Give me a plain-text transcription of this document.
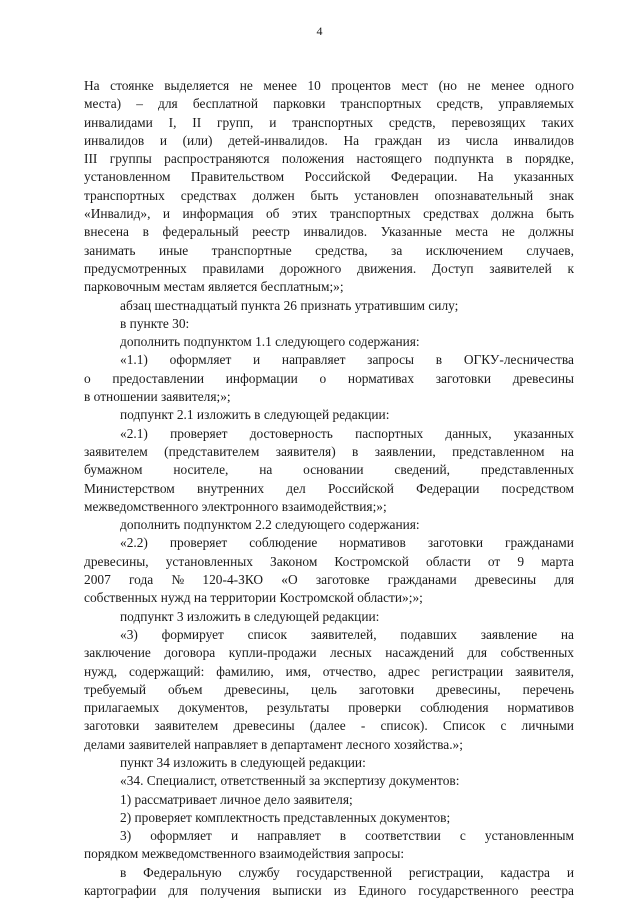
4
На стоянке выделяется не менее 10 процентов мест (но не менее одного
места) – для бесплатной парковки транспортных средств, управляемых
инвалидами I, II групп, и транспортных средств, перевозящих таких
инвалидов и (или) детей-инвалидов. На граждан из числа инвалидов
III группы распространяются положения настоящего подпункта в порядке,
установленном Правительством Российской Федерации. На указанных
транспортных средствах должен быть установлен опознавательный знак
«Инвалид», и информация об этих транспортных средствах должна быть
внесена в федеральный реестр инвалидов. Указанные места не должны
занимать иные транспортные средства, за исключением случаев,
предусмотренных правилами дорожного движения. Доступ заявителей к
парковочным местам является бесплатным;»;
абзац шестнадцатый пункта 26 признать утратившим силу;
в пункте 30:
дополнить подпунктом 1.1 следующего содержания:
«1.1) оформляет и направляет запросы в ОГКУ-лесничества
о предоставлении информации о нормативах заготовки древесины
в отношении заявителя;»;
подпункт 2.1 изложить в следующей редакции:
«2.1) проверяет достоверность паспортных данных, указанных
заявителем (представителем заявителя) в заявлении, представленном на
бумажном носителе, на основании сведений, представленных
Министерством внутренних дел Российской Федерации посредством
межведомственного электронного взаимодействия;»;
дополнить подпунктом 2.2 следующего содержания:
«2.2) проверяет соблюдение нормативов заготовки гражданами
древесины, установленных Законом Костромской области от 9 марта
2007 года № 120-4-ЗКО «О заготовке гражданами древесины для
собственных нужд на территории Костромской области»;»;
подпункт 3 изложить в следующей редакции:
«3) формирует список заявителей, подавших заявление на
заключение договора купли-продажи лесных насаждений для собственных
нужд, содержащий: фамилию, имя, отчество, адрес регистрации заявителя,
требуемый объем древесины, цель заготовки древесины, перечень
прилагаемых документов, результаты проверки соблюдения нормативов
заготовки заявителем древесины (далее - список). Список с личными
делами заявителей направляет в департамент лесного хозяйства.»;
пункт 34 изложить в следующей редакции:
«34. Специалист, ответственный за экспертизу документов:
1) рассматривает личное дело заявителя;
2) проверяет комплектность представленных документов;
3) оформляет и направляет в соответствии с установленным
порядком межведомственного взаимодействия запросы:
в Федеральную службу государственной регистрации, кадастра и
картографии для получения выписки из Единого государственного реестра
